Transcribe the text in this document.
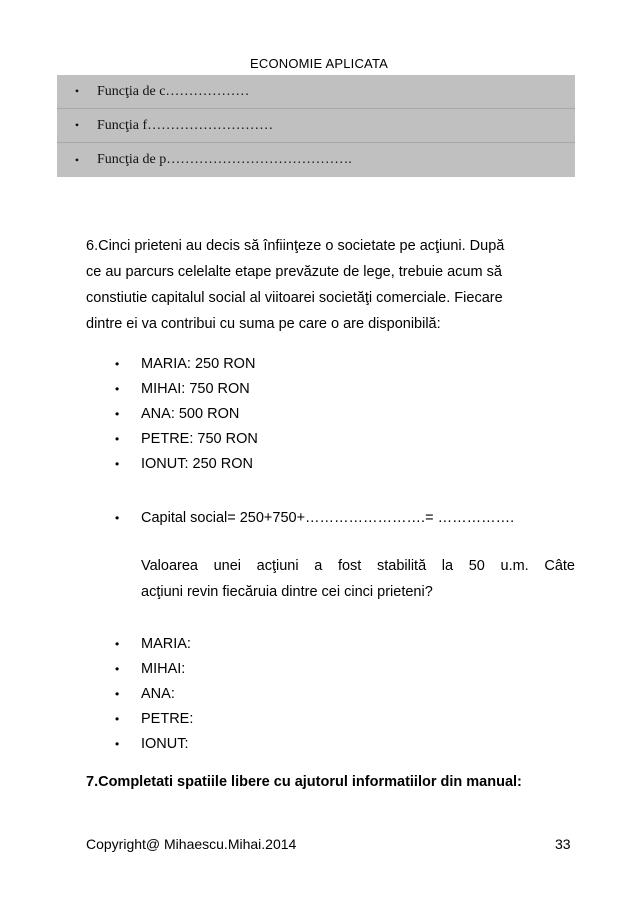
ECONOMIE APLICATA
•	Funcţia de c………………
•	Funcţia f………………………
•	Funcţia de p………………………………….
6.Cinci prieteni au decis să înfiinţeze o societate pe acţiuni. După
ce au parcurs celelalte etape prevăzute de lege, trebuie acum să
constiutie capitalul social al viitoarei societăţi comerciale. Fiecare
dintre ei va contribui cu suma pe care o are disponibilă:
•	MARIA: 250 RON
•	MIHAI: 750 RON
•	ANA: 500 RON
•	PETRE: 750 RON
•	IONUT: 250 RON
•	Capital social= 250+750+…………………….= …………….
Valoarea unei acţiuni a fost stabilită la 50 u.m. Câte
acţiuni revin fiecăruia dintre cei cinci prieteni?
•	MARIA:
•	MIHAI:
•	ANA:
•	PETRE:
•	IONUT:
7.Completati spatiile libere cu ajutorul informatiilor din manual:
Copyright@ Mihaescu.Mihai.2014	33
